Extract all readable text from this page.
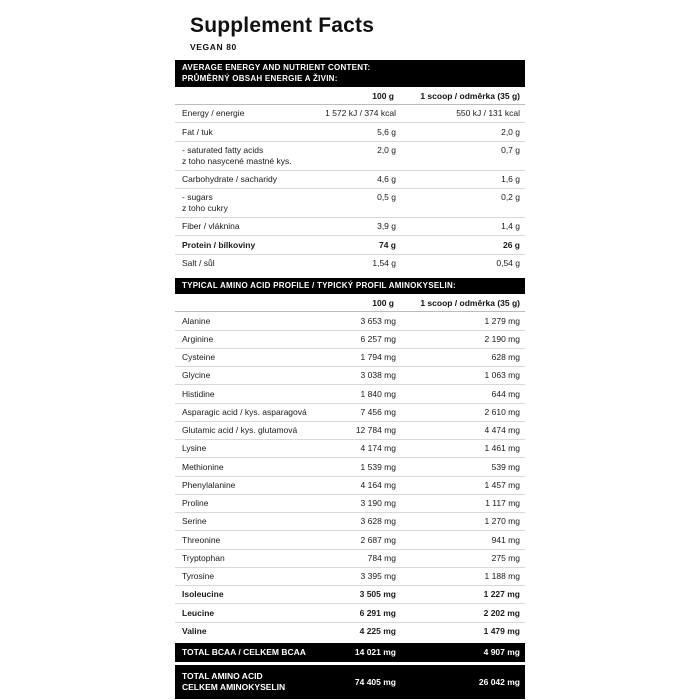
Supplement Facts
VEGAN 80
AVERAGE ENERGY AND NUTRIENT CONTENT:
PRŮMĚRNÝ OBSAH ENERGIE A ŽIVIN:
100 g	1 scoop / odměrka (35 g)
Energy / energie	1 572 kJ / 374 kcal	550 kJ / 131 kcal
Fat / tuk	5,6 g	2,0 g
- saturated fatty acids
z toho nasycené mastné kys.	2,0 g	0,7 g
Carbohydrate / sacharidy	4,6 g	1,6 g
- sugars
z toho cukry	0,5 g	0,2 g
Fiber / vláknina	3,9 g	1,4 g
Protein / bílkoviny	74 g	26 g
Salt / sůl	1,54 g	0,54 g
TYPICAL AMINO ACID PROFILE / TYPICKÝ PROFIL AMINOKYSELIN:
100 g	1 scoop / odměrka (35 g)
Alanine	3 653 mg	1 279 mg
Arginine	6 257 mg	2 190 mg
Cysteine	1 794 mg	628 mg
Glycine	3 038 mg	1 063 mg
Histidine	1 840 mg	644 mg
Asparagic acid / kys. asparagová	7 456 mg	2 610 mg
Glutamic acid / kys. glutamová	12 784 mg	4 474 mg
Lysine	4 174 mg	1 461 mg
Methionine	1 539 mg	539 mg
Phenylalanine	4 164 mg	1 457 mg
Proline	3 190 mg	1 117 mg
Serine	3 628 mg	1 270 mg
Threonine	2 687 mg	941 mg
Tryptophan	784 mg	275 mg
Tyrosine	3 395 mg	1 188 mg
Isoleucine	3 505 mg	1 227 mg
Leucine	6 291 mg	2 202 mg
Valine	4 225 mg	1 479 mg
TOTAL BCAA / CELKEM BCAA	14 021 mg	4 907 mg
TOTAL AMINO ACID
CELKEM AMINOKYSELIN	74 405 mg	26 042 mg
